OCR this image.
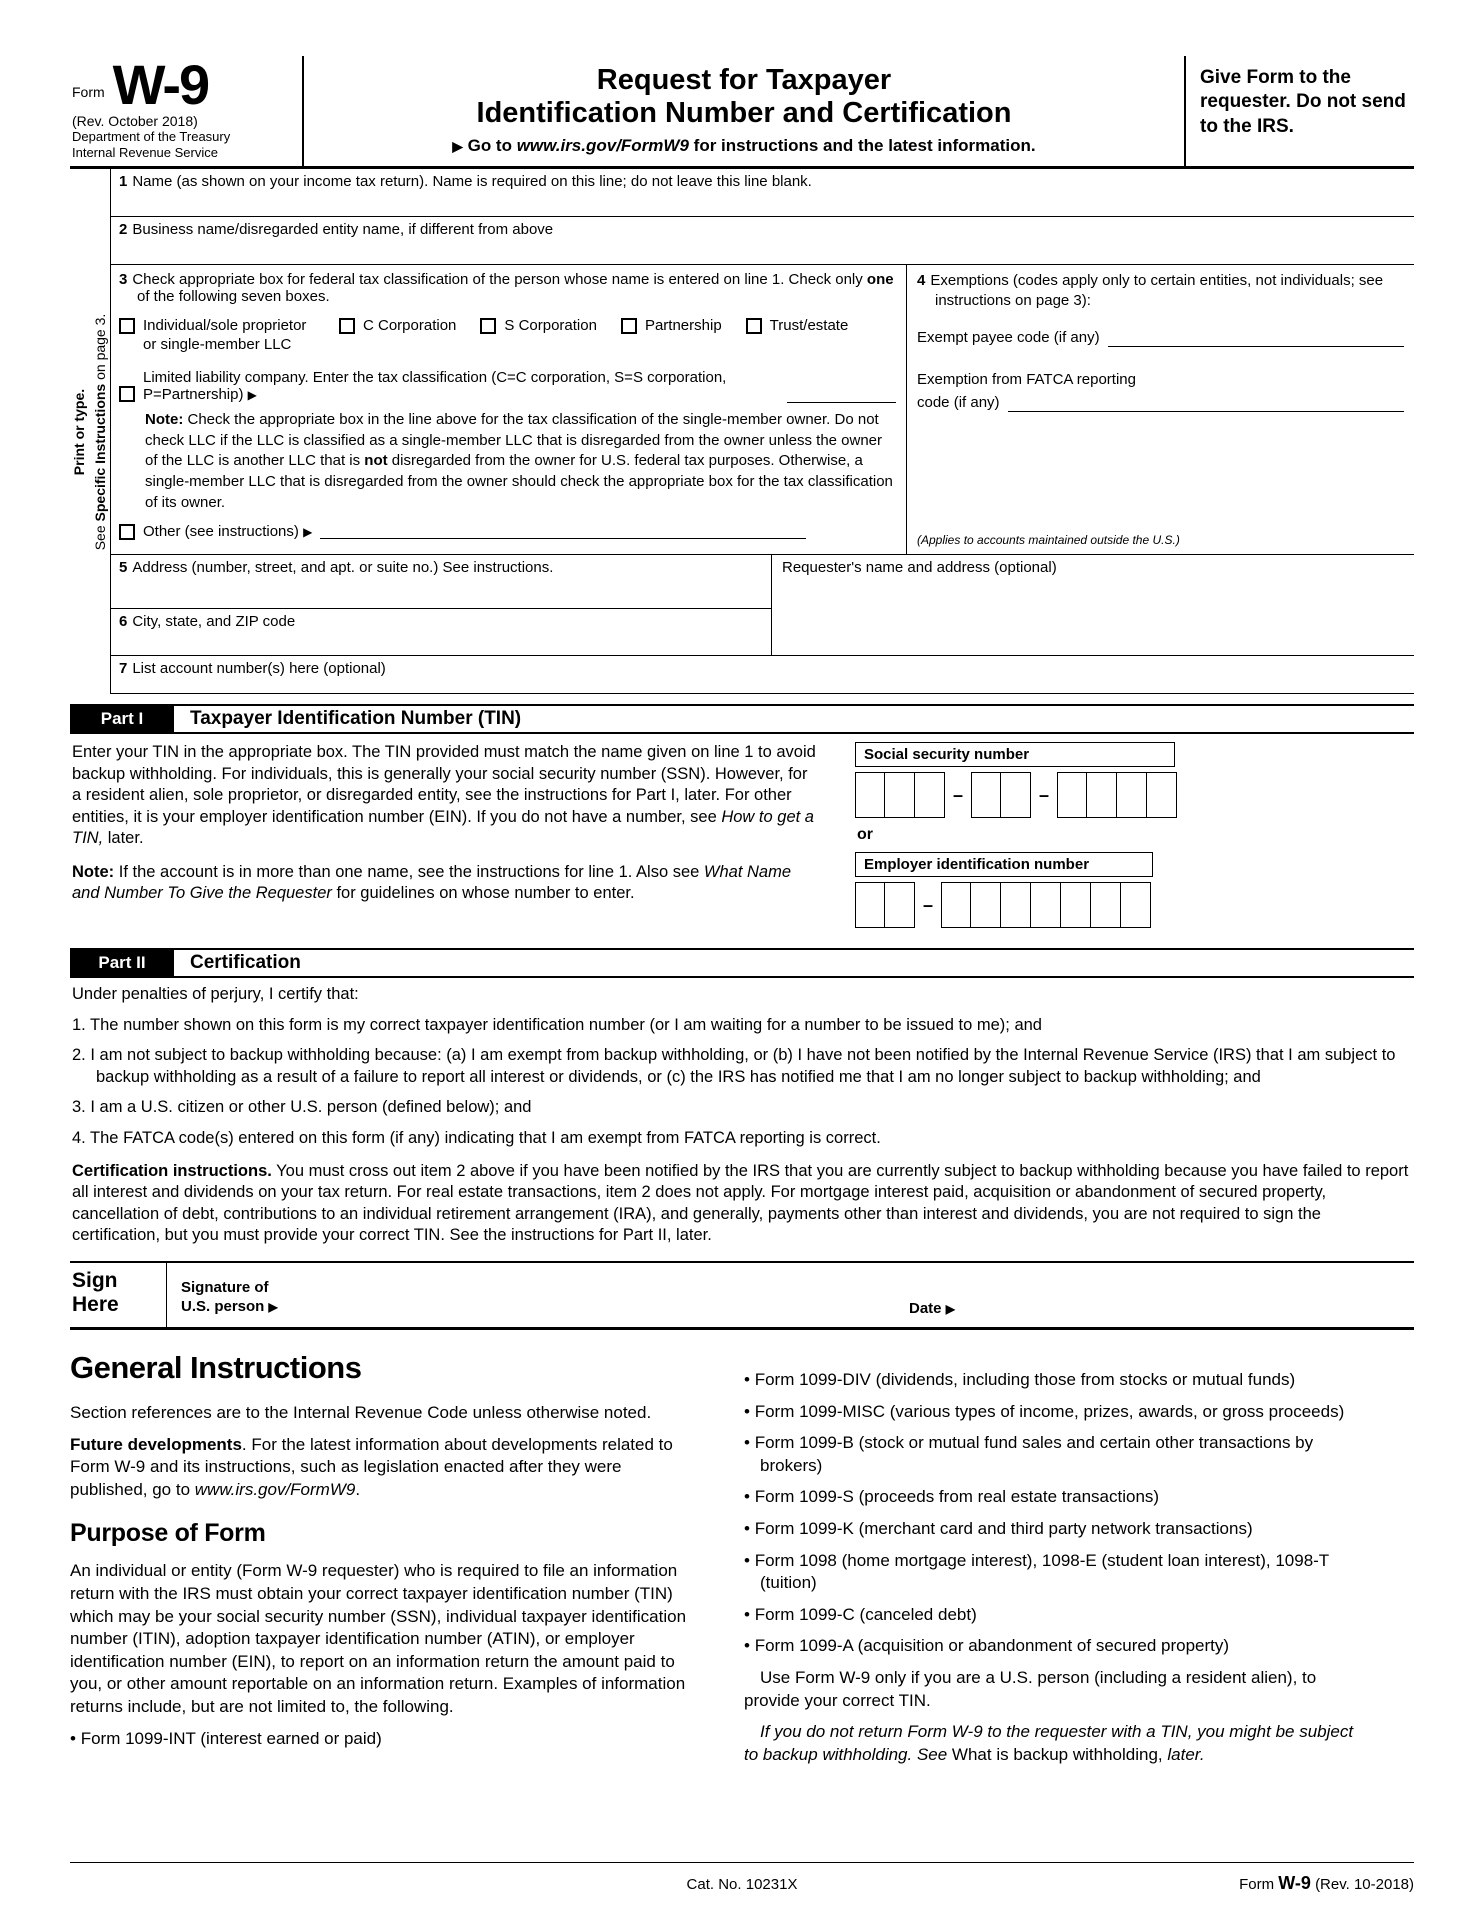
Form W-9
(Rev. October 2018)
Department of the Treasury
Internal Revenue Service
Request for Taxpayer
Identification Number and Certification
▶ Go to www.irs.gov/FormW9 for instructions and the latest information.
Give Form to the requester. Do not send to the IRS.
Print or type.
See Specific Instructions on page 3.
1 Name (as shown on your income tax return). Name is required on this line; do not leave this line blank.
2 Business name/disregarded entity name, if different from above
3 Check appropriate box for federal tax classification of the person whose name is entered on line 1. Check only one of the following seven boxes.
Individual/sole proprietor or single-member LLC
C Corporation	S Corporation	Partnership	Trust/estate
Limited liability company. Enter the tax classification (C=C corporation, S=S corporation, P=Partnership) ▶
Note: Check the appropriate box in the line above for the tax classification of the single-member owner. Do not check LLC if the LLC is classified as a single-member LLC that is disregarded from the owner unless the owner of the LLC is another LLC that is not disregarded from the owner for U.S. federal tax purposes. Otherwise, a single-member LLC that is disregarded from the owner should check the appropriate box for the tax classification of its owner.
Other (see instructions) ▶
4 Exemptions (codes apply only to certain entities, not individuals; see instructions on page 3):
Exempt payee code (if any)
Exemption from FATCA reporting
code (if any)
(Applies to accounts maintained outside the U.S.)
5 Address (number, street, and apt. or suite no.) See instructions.
6 City, state, and ZIP code
Requester's name and address (optional)
7 List account number(s) here (optional)
Part I	Taxpayer Identification Number (TIN)

Enter your TIN in the appropriate box. The TIN provided must match the name given on line 1 to avoid backup withholding. For individuals, this is generally your social security number (SSN). However, for a resident alien, sole proprietor, or disregarded entity, see the instructions for Part I, later. For other entities, it is your employer identification number (EIN). If you do not have a number, see How to get a TIN, later.

Note: If the account is in more than one name, see the instructions for line 1. Also see What Name and Number To Give the Requester for guidelines on whose number to enter.

Social security number
–	–
or
Employer identification number
–
Part II	Certification

Under penalties of perjury, I certify that:

1. The number shown on this form is my correct taxpayer identification number (or I am waiting for a number to be issued to me); and

2. I am not subject to backup withholding because: (a) I am exempt from backup withholding, or (b) I have not been notified by the Internal Revenue Service (IRS) that I am subject to backup withholding as a result of a failure to report all interest or dividends, or (c) the IRS has notified me that I am no longer subject to backup withholding; and

3. I am a U.S. citizen or other U.S. person (defined below); and

4. The FATCA code(s) entered on this form (if any) indicating that I am exempt from FATCA reporting is correct.

Certification instructions. You must cross out item 2 above if you have been notified by the IRS that you are currently subject to backup withholding because you have failed to report all interest and dividends on your tax return. For real estate transactions, item 2 does not apply. For mortgage interest paid, acquisition or abandonment of secured property, cancellation of debt, contributions to an individual retirement arrangement (IRA), and generally, payments other than interest and dividends, you are not required to sign the certification, but you must provide your correct TIN. See the instructions for Part II, later.

Sign
Here
Signature of
U.S. person ▶	Date ▶
General Instructions

Section references are to the Internal Revenue Code unless otherwise noted.

Future developments. For the latest information about developments related to Form W-9 and its instructions, such as legislation enacted after they were published, go to www.irs.gov/FormW9.

Purpose of Form

An individual or entity (Form W-9 requester) who is required to file an information return with the IRS must obtain your correct taxpayer identification number (TIN) which may be your social security number (SSN), individual taxpayer identification number (ITIN), adoption taxpayer identification number (ATIN), or employer identification number (EIN), to report on an information return the amount paid to you, or other amount reportable on an information return. Examples of information returns include, but are not limited to, the following.

• Form 1099-INT (interest earned or paid)

• Form 1099-DIV (dividends, including those from stocks or mutual funds)

• Form 1099-MISC (various types of income, prizes, awards, or gross proceeds)

• Form 1099-B (stock or mutual fund sales and certain other transactions by brokers)

• Form 1099-S (proceeds from real estate transactions)

• Form 1099-K (merchant card and third party network transactions)

• Form 1098 (home mortgage interest), 1098-E (student loan interest), 1098-T (tuition)

• Form 1099-C (canceled debt)

• Form 1099-A (acquisition or abandonment of secured property)

Use Form W-9 only if you are a U.S. person (including a resident alien), to provide your correct TIN.

If you do not return Form W-9 to the requester with a TIN, you might be subject to backup withholding. See What is backup withholding, later.

Cat. No. 10231X	Form W-9 (Rev. 10-2018)
